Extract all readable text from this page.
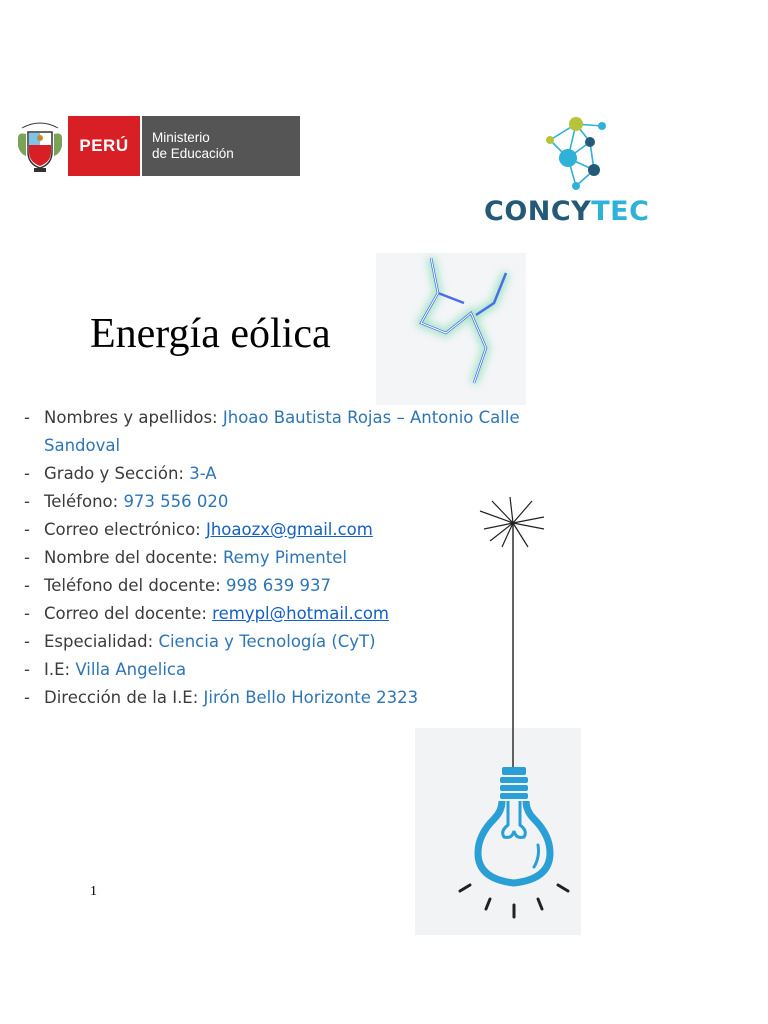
PERÚ	Ministerio
de Educación
CONCYTEC
Energía eólica
- Nombres y apellidos: Jhoao Bautista Rojas – Antonio Calle
Sandoval
- Grado y Sección: 3-A
- Teléfono: 973 556 020
- Correo electrónico: Jhoaozx@gmail.com
- Nombre del docente: Remy Pimentel
- Teléfono del docente: 998 639 937
- Correo del docente: remypl@hotmail.com
- Especialidad: Ciencia y Tecnología (CyT)
- I.E: Villa Angelica
- Dirección de la I.E: Jirón Bello Horizonte 2323
1
